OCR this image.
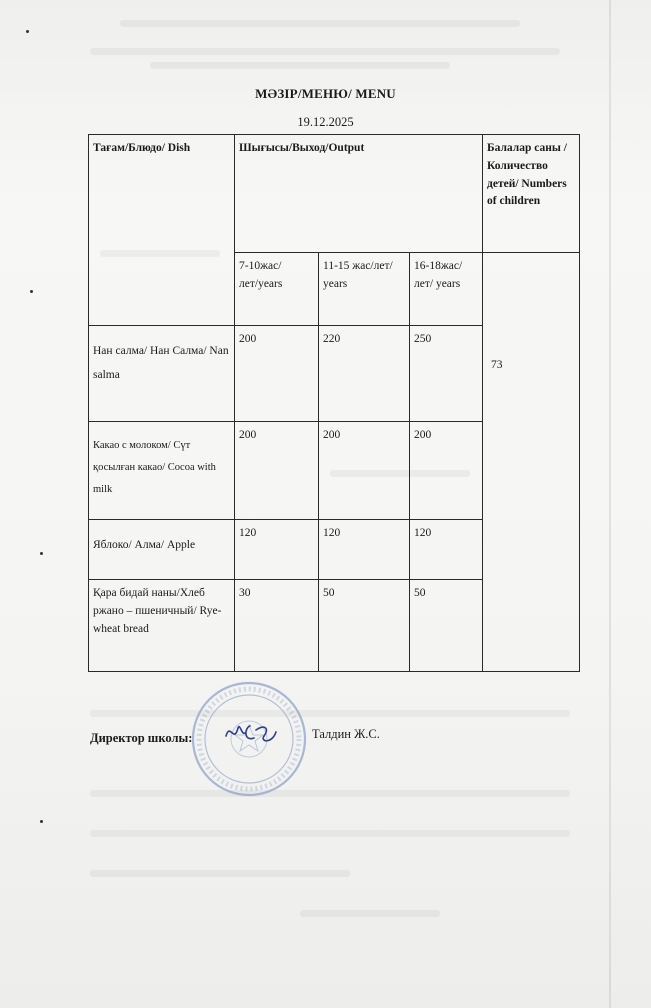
МӘЗІР/МЕНЮ/ MENU
19.12.2025
Тағам/Блюдо/ Dish	Шығысы/Выход/Output			Балалар саны /Количество детей/ Numbers of children
	7-10жас/лет/years	11-15 жас/лет/ years	16-18жас/лет/ years	73

Нан салма/ Нан Салма/ Nan salma	200	220	250	

Какао с молоком/ Сүт қосылған какао/ Cocoa with milk	200	200	200	

Яблоко/ Алма/ Apple	120	120	120	
Қара бидай наны/Хлеб ржано – пшеничный/ Rye-wheat bread	30	50	50	
Директор школы:	Талдин Ж.С.
